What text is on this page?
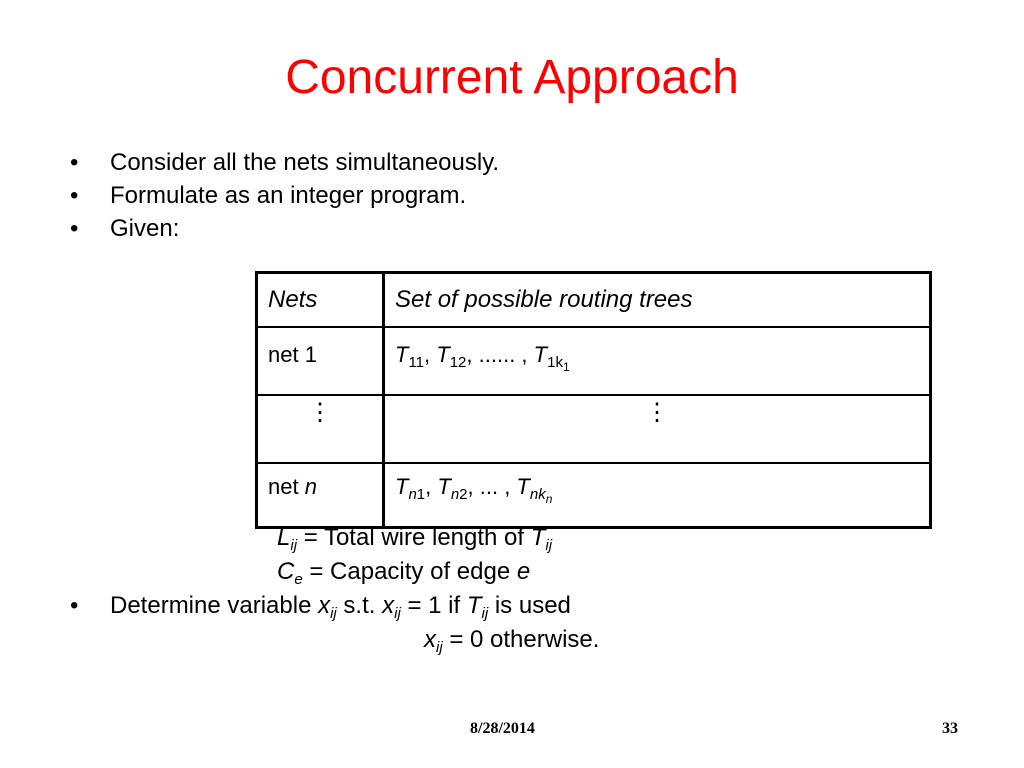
Concurrent Approach
• Consider all the nets simultaneously.
• Formulate as an integer program.
• Given:
Nets	Set of possible routing trees
net 1	$T_{11}$, $T_{12}$, ...... , $T_{1k_1}$

⋮	⋮

net n	$T_{n1}$, $T_{n2}$, ... , $T_{nk_n}$
$L_{ij}$ = Total wire length of $T_{ij}$
$C_e$ = Capacity of edge e
• Determine variable $x_{ij}$ s.t. $x_{ij} = 1$ if $T_{ij}$ is used
$x_{ij} = 0$ otherwise.
8/28/2014	33
